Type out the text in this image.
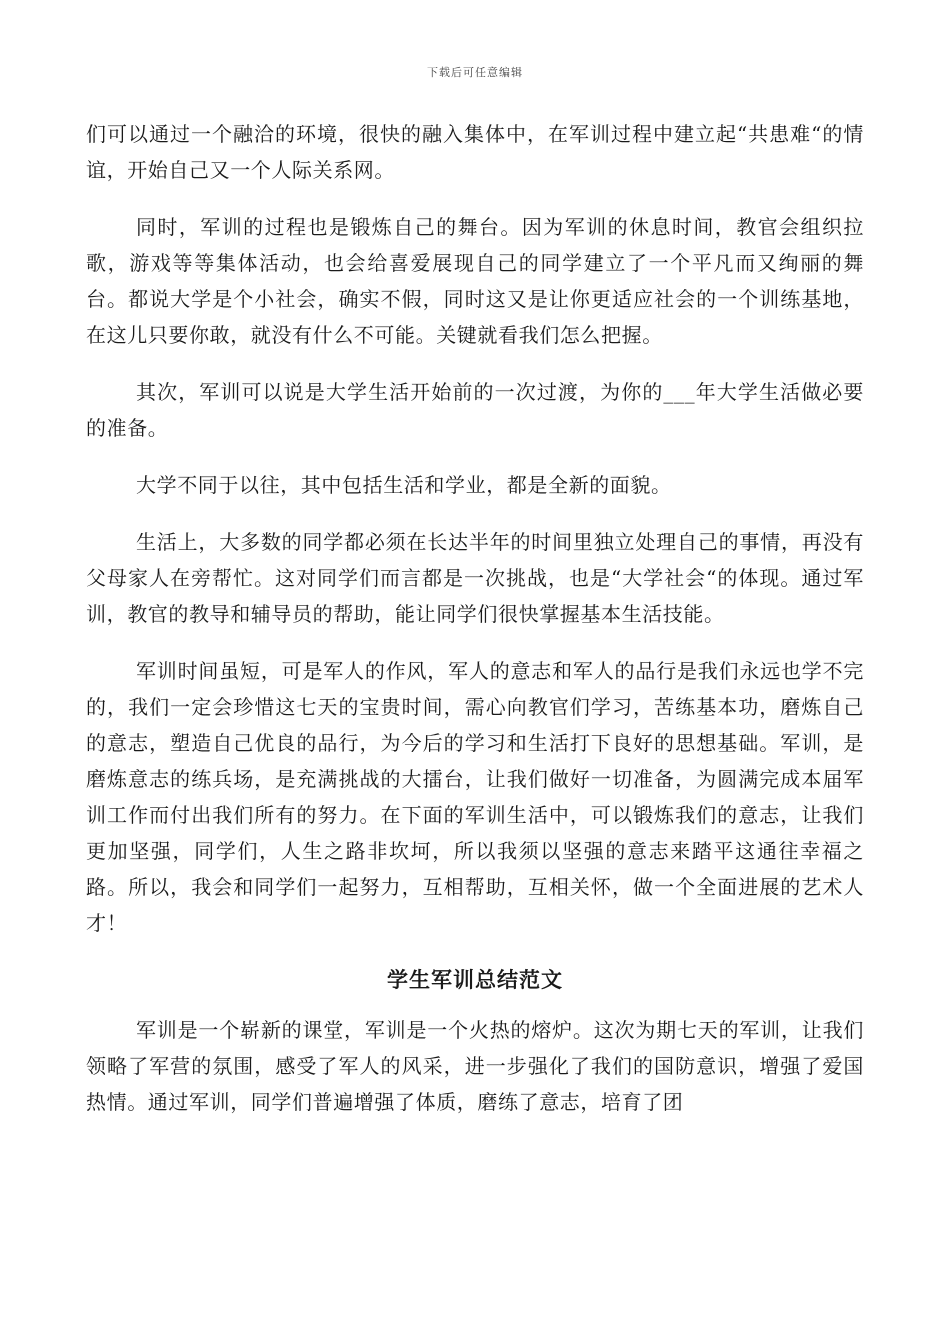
下载后可任意编辑

们可以通过一个融洽的环境，很快的融入集体中，在军训过程中建立起“共患难“的情谊，开始自己又一个人际关系网。

同时，军训的过程也是锻炼自己的舞台。因为军训的休息时间，教官会组织拉歌，游戏等等集体活动，也会给喜爱展现自己的同学建立了一个平凡而又绚丽的舞台。都说大学是个小社会，确实不假，同时这又是让你更适应社会的一个训练基地，在这儿只要你敢，就没有什么不可能。关键就看我们怎么把握。

其次，军训可以说是大学生活开始前的一次过渡，为你的___年大学生活做必要的准备。

大学不同于以往，其中包括生活和学业，都是全新的面貌。

生活上，大多数的同学都必须在长达半年的时间里独立处理自己的事情，再没有父母家人在旁帮忙。这对同学们而言都是一次挑战，也是“大学社会“的体现。通过军训，教官的教导和辅导员的帮助，能让同学们很快掌握基本生活技能。

军训时间虽短，可是军人的作风，军人的意志和军人的品行是我们永远也学不完的，我们一定会珍惜这七天的宝贵时间，需心向教官们学习，苦练基本功，磨炼自己的意志，塑造自己优良的品行，为今后的学习和生活打下良好的思想基础。军训，是磨炼意志的练兵场，是充满挑战的大擂台，让我们做好一切准备，为圆满完成本届军训工作而付出我们所有的努力。在下面的军训生活中，可以锻炼我们的意志，让我们更加坚强，同学们，人生之路非坎坷，所以我须以坚强的意志来踏平这通往幸福之路。所以，我会和同学们一起努力，互相帮助，互相关怀，做一个全面进展的艺术人才！

学生军训总结范文

军训是一个崭新的课堂，军训是一个火热的熔炉。这次为期七天的军训，让我们领略了军营的氛围，感受了军人的风采，进一步强化了我们的国防意识，增强了爱国热情。通过军训，同学们普遍增强了体质，磨练了意志，培育了团
